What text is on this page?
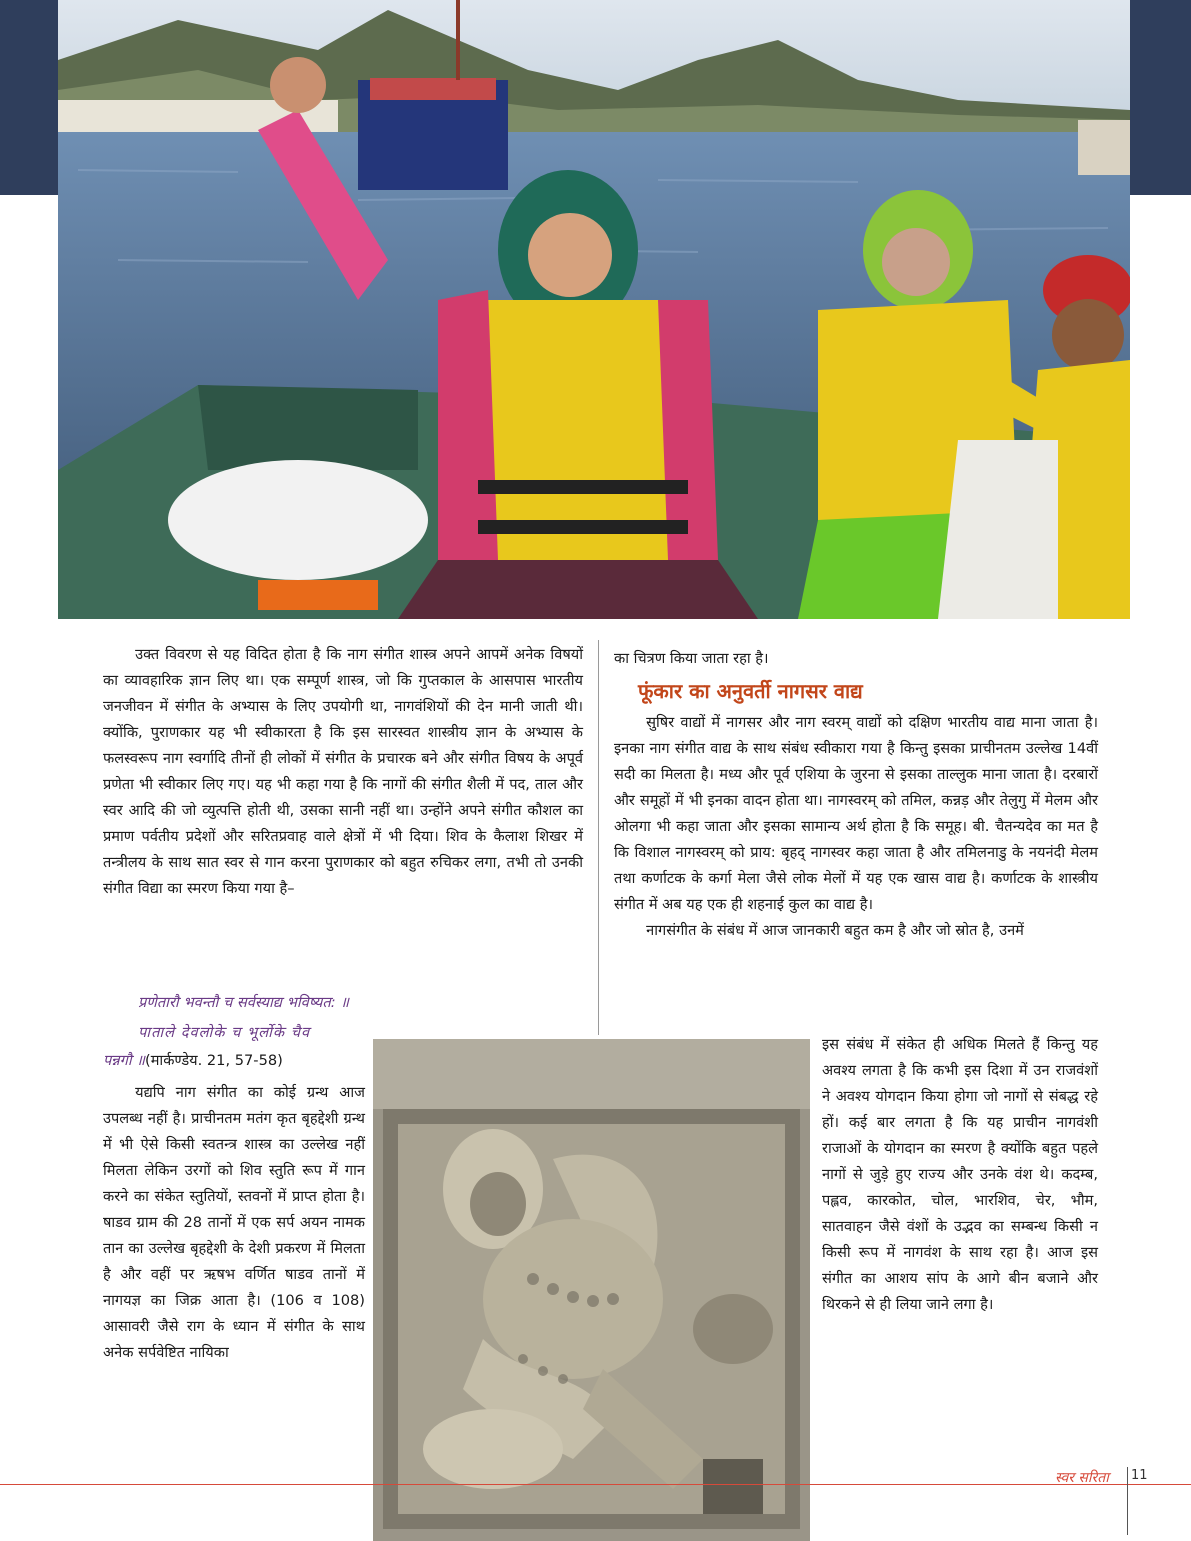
उक्त विवरण से यह विदित होता है कि नाग संगीत शास्त्र अपने आपमें अनेक विषयों का व्यावहारिक ज्ञान लिए था। एक सम्पूर्ण शास्त्र, जो कि गुप्तकाल के आसपास भारतीय जनजीवन में संगीत के अभ्यास के लिए उपयोगी था, नागवंशियों की देन मानी जाती थी। क्योंकि, पुराणकार यह भी स्वीकारता है कि इस सारस्वत शास्त्रीय ज्ञान के अभ्यास के फलस्वरूप नाग स्वर्गादि तीनों ही लोकों में संगीत के प्रचारक बने और संगीत विषय के अपूर्व प्रणेता भी स्वीकार लिए गए। यह भी कहा गया है कि नागों की संगीत शैली में पद, ताल और स्वर आदि की जो व्युत्पत्ति होती थी, उसका सानी नहीं था। उन्होंने अपने संगीत कौशल का प्रमाण पर्वतीय प्रदेशों और सरितप्रवाह वाले क्षेत्रों में भी दिया। शिव के कैलाश शिखर में तन्त्रीलय के साथ सात स्वर से गान करना पुराणकार को बहुत रुचिकर लगा, तभी तो उनकी संगीत विद्या का स्मरण किया गया है–

प्रणेतारौ भवन्तौ च सर्वस्याद्य भविष्यत: ॥
पाताले देवलोके च भूर्लोके चैव
पन्नगौ ॥(मार्कण्डेय. 21, 57-58)

यद्यपि नाग संगीत का कोई ग्रन्थ आज उपलब्ध नहीं है। प्राचीनतम मतंग कृत बृहद्देशी ग्रन्थ में भी ऐसे किसी स्वतन्त्र शास्त्र का उल्लेख नहीं मिलता लेकिन उरगों को शिव स्तुति रूप में गान करने का संकेत स्तुतियों, स्तवनों में प्राप्त होता है। षाडव ग्राम की 28 तानों में एक सर्प अयन नामक तान का उल्लेख बृहद्देशी के देशी प्रकरण में मिलता है और वहीं पर ऋषभ वर्णित षाडव तानों में नागयज्ञ का जिक्र आता है। (106 व 108) आसावरी जैसे राग के ध्यान में संगीत के साथ अनेक सर्पवेष्टित नायिका

का चित्रण किया जाता रहा है।

फूंकार का अनुवर्ती नागसर वाद्य

सुषिर वाद्यों में नागसर और नाग स्वरम् वाद्यों को दक्षिण भारतीय वाद्य माना जाता है। इनका नाग संगीत वाद्य के साथ संबंध स्वीकारा गया है किन्तु इसका प्राचीनतम उल्लेख 14वीं सदी का मिलता है। मध्य और पूर्व एशिया के जुरना से इसका ताल्लुक माना जाता है। दरबारों और समूहों में भी इनका वादन होता था। नागस्वरम् को तमिल, कन्नड़ और तेलुगु में मेलम और ओलगा भी कहा जाता और इसका सामान्य अर्थ होता है कि समूह। बी. चैतन्यदेव का मत है कि विशाल नागस्वरम् को प्राय: बृहद् नागस्वर कहा जाता है और तमिलनाडु के नयनंदी मेलम तथा कर्णाटक के कर्गा मेला जैसे लोक मेलों में यह एक खास वाद्य है। कर्णाटक के शास्त्रीय संगीत में अब यह एक ही शहनाई कुल का वाद्य है।

नागसंगीत के संबंध में आज जानकारी बहुत कम है और जो स्रोत है, उनमें

इस संबंध में संकेत ही अधिक मिलते हैं किन्तु यह अवश्य लगता है कि कभी इस दिशा में उन राजवंशों ने अवश्य योगदान किया होगा जो नागों से संबद्ध रहे हों। कई बार लगता है कि यह प्राचीन नागवंशी राजाओं के योगदान का स्मरण है क्योंकि बहुत पहले नागों से जुड़े हुए राज्य और उनके वंश थे। कदम्ब, पह्लव, कारकोत, चोल, भारशिव, चेर, भौम, सातवाहन जैसे वंशों के उद्भव का सम्बन्ध किसी न किसी रूप में नागवंश के साथ रहा है। आज इस संगीत का आशय सांप के आगे बीन बजाने और थिरकने से ही लिया जाने लगा है।

स्वर सरिता 11
